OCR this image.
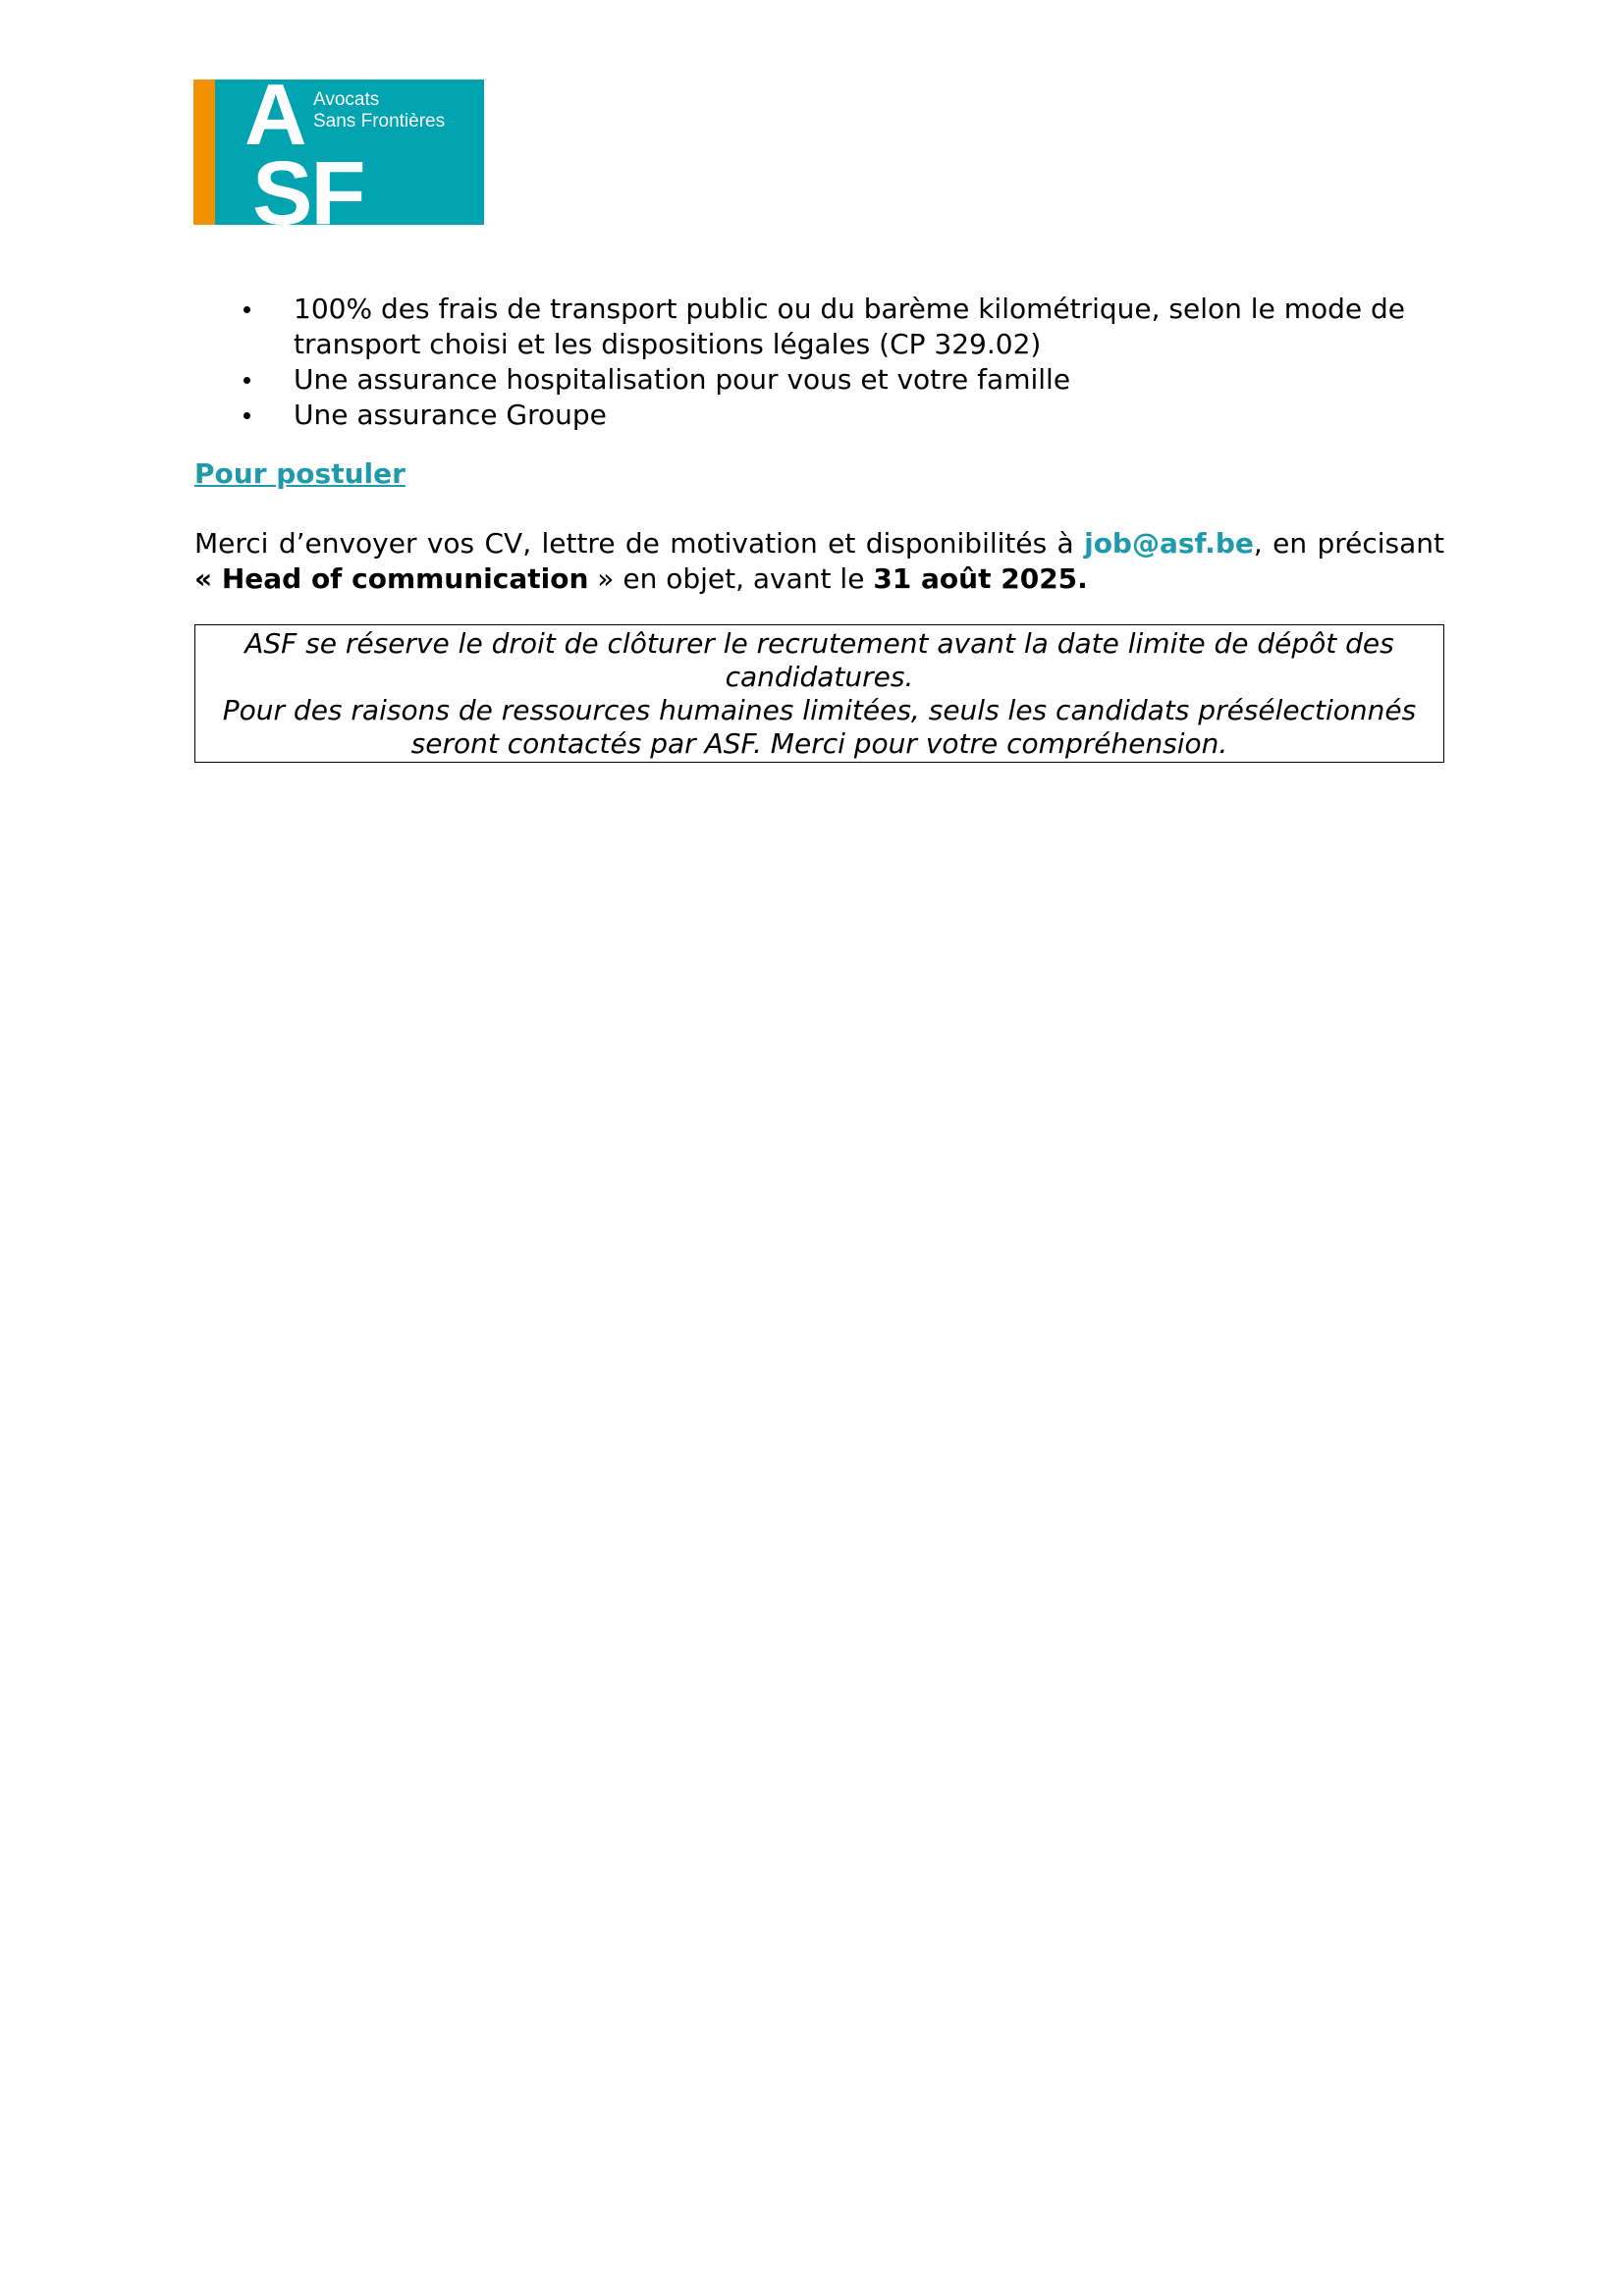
A
SF
Avocats
Sans Frontières
100% des frais de transport public ou du barème kilométrique, selon le mode de transport choisi et les dispositions légales (CP 329.02)
Une assurance hospitalisation pour vous et votre famille
Une assurance Groupe
Pour postuler

Merci d’envoyer vos CV, lettre de motivation et disponibilités à job@asf.be, en précisant « Head of communication » en objet, avant le 31 août 2025.

ASF se réserve le droit de clôturer le recrutement avant la date limite de dépôt des candidatures.
Pour des raisons de ressources humaines limitées, seuls les candidats présélectionnés seront contactés par ASF. Merci pour votre compréhension.
